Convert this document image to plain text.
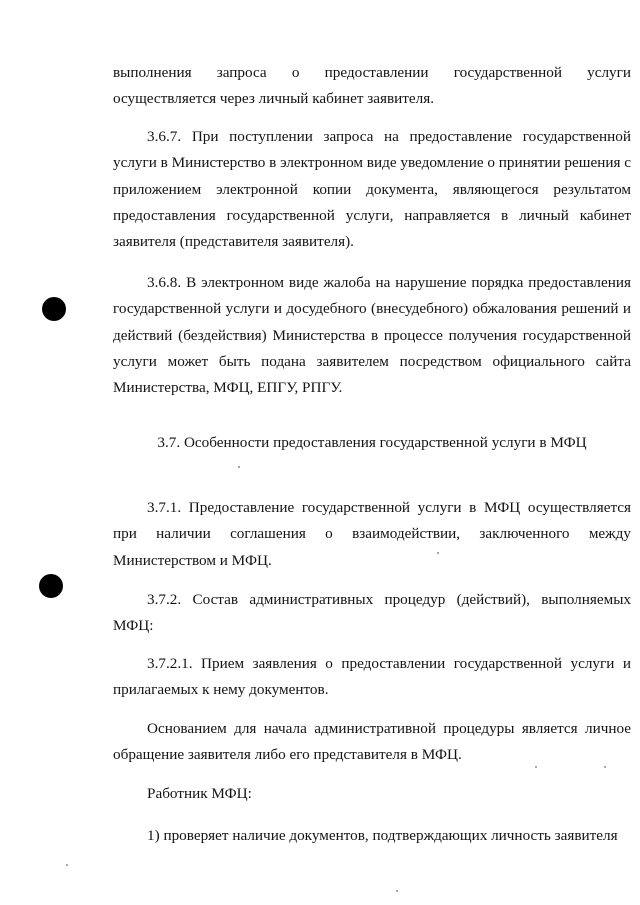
выполнения запроса о предоставлении государственной услуги осуществляется через личный кабинет заявителя.

3.6.7. При поступлении запроса на предоставление государственной услуги в Министерство в электронном виде уведомление о принятии решения с приложением электронной копии документа, являющегося результатом предоставления государственной услуги, направляется в личный кабинет заявителя (представителя заявителя).

3.6.8. В электронном виде жалоба на нарушение порядка предоставления государственной услуги и досудебного (внесудебного) обжалования решений и действий (бездействия) Министерства в процессе получения государственной услуги может быть подана заявителем посредством официального сайта Министерства, МФЦ, ЕПГУ, РПГУ.

3.7. Особенности предоставления государственной услуги в МФЦ

3.7.1. Предоставление государственной услуги в МФЦ осуществляется при наличии соглашения о взаимодействии, заключенного между Министерством и МФЦ.

3.7.2. Состав административных процедур (действий), выполняемых МФЦ:

3.7.2.1. Прием заявления о предоставлении государственной услуги и прилагаемых к нему документов.

Основанием для начала административной процедуры является личное обращение заявителя либо его представителя в МФЦ.

Работник МФЦ:

1) проверяет наличие документов, подтверждающих личность заявителя
